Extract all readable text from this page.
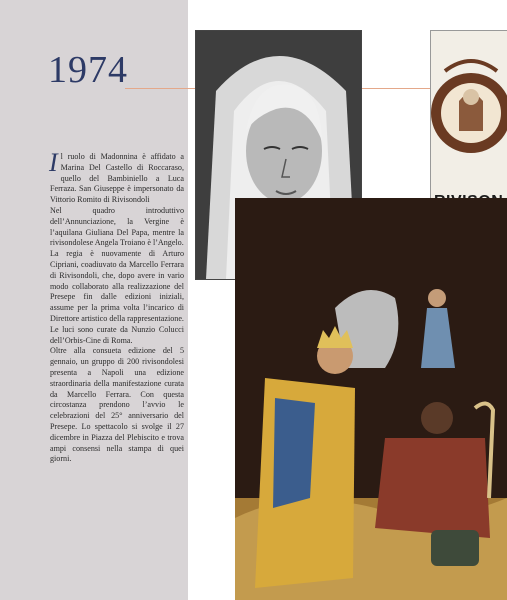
1974

Il ruolo di Madonnina è affidato a Marina Del Castello di Roccaraso, quello del Bambiniello a Luca Ferraza. San Giuseppe è impersonato da Vittorio Romito di Rivisondoli

Nel quadro introduttivo dell’Annunciazione, la Vergine è l’aquilana Giuliana Del Papa, mentre la rivisondolese Angela Troiano è l’Angelo.

La regia è nuovamente di Arturo Cipriani, coadiuvato da Marcello Ferrara di Rivisondoli, che, dopo avere in vario modo collaborato alla realizzazione del Presepe fin dalle edizioni iniziali, assume per la prima volta l’incarico di Direttore artistico della rappresentazione.

Le luci sono curate da Nunzio Colucci dell’Orbis-Cine di Roma.

Oltre alla consueta edizione del 5 gennaio, un gruppo di 200 rivisondolesi presenta a Napoli una edizione straordinaria della manifestazione curata da Marcello Ferrara. Con questa circostanza prendono l’avvio le celebrazioni del 25° anniversario del Presepe. Lo spettacolo si svolge il 27 dicembre in Piazza del Plebiscito e trova ampi consensi nella stampa di quei giorni.
